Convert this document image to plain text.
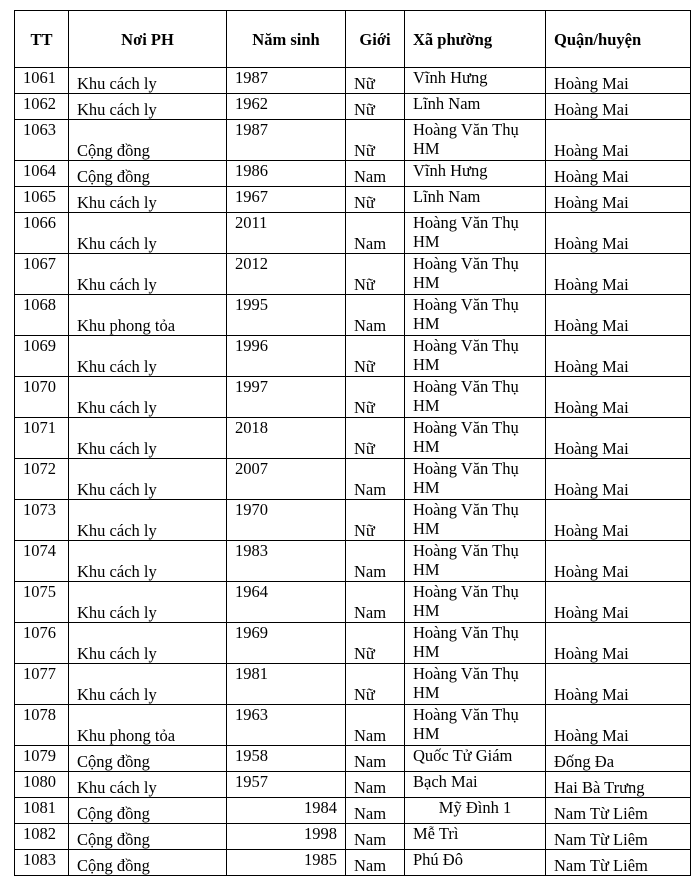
TT	Nơi PH	Năm sinh	Giới	Xã phường	Quận/huyện
1061	Khu cách ly	1987	Nữ	Vĩnh Hưng	Hoàng Mai
1062	Khu cách ly	1962	Nữ	Lĩnh Nam	Hoàng Mai
1063	Cộng đồng	1987	Nữ	Hoàng Văn Thụ HM	Hoàng Mai
1064	Cộng đồng	1986	Nam	Vĩnh Hưng	Hoàng Mai
1065	Khu cách ly	1967	Nữ	Lĩnh Nam	Hoàng Mai
1066	Khu cách ly	2011	Nam	Hoàng Văn Thụ HM	Hoàng Mai
1067	Khu cách ly	2012	Nữ	Hoàng Văn Thụ HM	Hoàng Mai
1068	Khu phong tỏa	1995	Nam	Hoàng Văn Thụ HM	Hoàng Mai
1069	Khu cách ly	1996	Nữ	Hoàng Văn Thụ HM	Hoàng Mai
1070	Khu cách ly	1997	Nữ	Hoàng Văn Thụ HM	Hoàng Mai
1071	Khu cách ly	2018	Nữ	Hoàng Văn Thụ HM	Hoàng Mai
1072	Khu cách ly	2007	Nam	Hoàng Văn Thụ HM	Hoàng Mai
1073	Khu cách ly	1970	Nữ	Hoàng Văn Thụ HM	Hoàng Mai
1074	Khu cách ly	1983	Nam	Hoàng Văn Thụ HM	Hoàng Mai
1075	Khu cách ly	1964	Nam	Hoàng Văn Thụ HM	Hoàng Mai
1076	Khu cách ly	1969	Nữ	Hoàng Văn Thụ HM	Hoàng Mai
1077	Khu cách ly	1981	Nữ	Hoàng Văn Thụ HM	Hoàng Mai
1078	Khu phong tỏa	1963	Nam	Hoàng Văn Thụ HM	Hoàng Mai
1079	Cộng đồng	1958	Nam	Quốc Tử Giám	Đống Đa
1080	Khu cách ly	1957	Nam	Bạch Mai	Hai Bà Trưng
1081	Cộng đồng	1984	Nam	Mỹ Đình 1	Nam Từ Liêm
1082	Cộng đồng	1998	Nam	Mễ Trì	Nam Từ Liêm
1083	Cộng đồng	1985	Nam	Phú Đô	Nam Từ Liêm
